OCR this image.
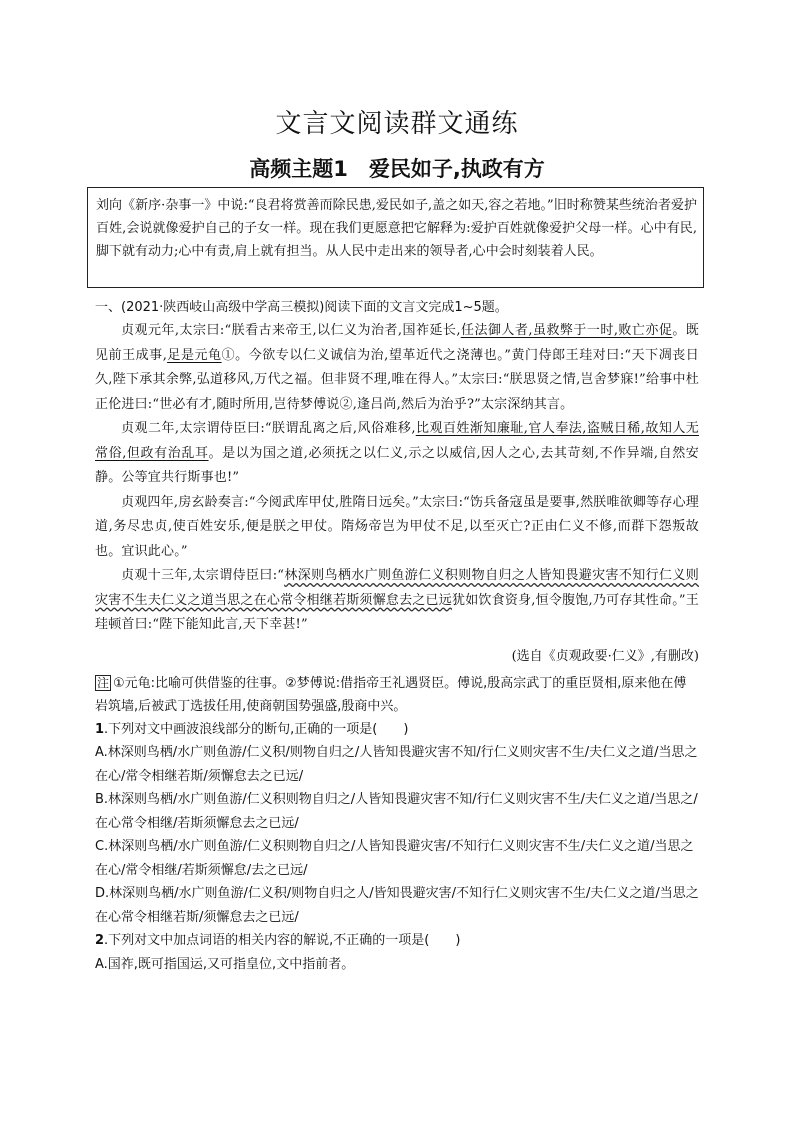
文言文阅读群文通练
高频主题1　爱民如子,执政有方

刘向《新序·杂事一》中说:“良君将赏善而除民患,爱民如子,盖之如天,容之若地。”旧时称赞某些统治者爱护百姓,会说就像爱护自己的子女一样。现在我们更愿意把它解释为:爱护百姓就像爱护父母一样。心中有民,脚下就有动力;心中有责,肩上就有担当。从人民中走出来的领导者,心中会时刻装着人民。

一、(2021·陕西岐山高级中学高三模拟)阅读下面的文言文完成1~5题。

贞观元年,太宗曰:“朕看古来帝王,以仁义为治者,国祚延长,任法御人者,虽救弊于一时,败亡亦促。既见前王成事,足是元龟①。今欲专以仁义诚信为治,望革近代之浇薄也。”黄门侍郎王珪对曰:“天下凋丧日久,陛下承其余弊,弘道移风,万代之福。但非贤不理,唯在得人。”太宗曰:“朕思贤之情,岂舍梦寐!”给事中杜正伦进曰:“世必有才,随时所用,岂待梦傅说②,逢吕尚,然后为治乎?”太宗深纳其言。

贞观二年,太宗谓侍臣曰:“朕谓乱离之后,风俗难移,比观百姓渐知廉耻,官人奉法,盗贼日稀,故知人无常俗,但政有治乱耳。是以为国之道,必须抚之以仁义,示之以威信,因人之心,去其苛刻,不作异端,自然安静。公等宜共行斯事也!”

贞观四年,房玄龄奏言:“今阅武库甲仗,胜隋日远矣。”太宗曰:“饬兵备寇虽是要事,然朕唯欲卿等存心理道,务尽忠贞,使百姓安乐,便是朕之甲仗。隋炀帝岂为甲仗不足,以至灭亡?正由仁义不修,而群下怨叛故也。宜识此心。”

贞观十三年,太宗谓侍臣曰:“林深则鸟栖水广则鱼游仁义积则物自归之人皆知畏避灾害不知行仁义则灾害不生夫仁义之道当思之在心常令相继若斯须懈怠去之已远犹如饮食资身,恒令腹饱,乃可存其性命。”王珪顿首曰:“陛下能知此言,天下幸甚!”

(选自《贞观政要·仁义》,有删改)

注 ①元龟:比喻可供借鉴的往事。②梦傅说:借指帝王礼遇贤臣。傅说,殷高宗武丁的重臣贤相,原来他在傅岩筑墙,后被武丁选拔任用,使商朝国势强盛,殷商中兴。

1.下列对文中画波浪线部分的断句,正确的一项是(　　)

A.林深则鸟栖/水广则鱼游/仁义积/则物自归之/人皆知畏避灾害不知/行仁义则灾害不生/夫仁义之道/当思之在心/常令相继若斯/须懈怠去之已远/

B.林深则鸟栖/水广则鱼游/仁义积则物自归之/人皆知畏避灾害不知/行仁义则灾害不生/夫仁义之道/当思之/在心常令相继/若斯须懈怠去之已远/

C.林深则鸟栖/水广则鱼游/仁义积则物自归之/人皆知畏避灾害/不知行仁义则灾害不生/夫仁义之道/当思之在心/常令相继/若斯须懈怠/去之已远/

D.林深则鸟栖/水广则鱼游/仁义积/则物自归之人/皆知畏避灾害/不知行仁义则灾害不生/夫仁义之道/当思之在心常令相继若斯/须懈怠去之已远/

2.下列对文中加点词语的相关内容的解说,不正确的一项是(　　)

A.国祚,既可指国运,又可指皇位,文中指前者。
